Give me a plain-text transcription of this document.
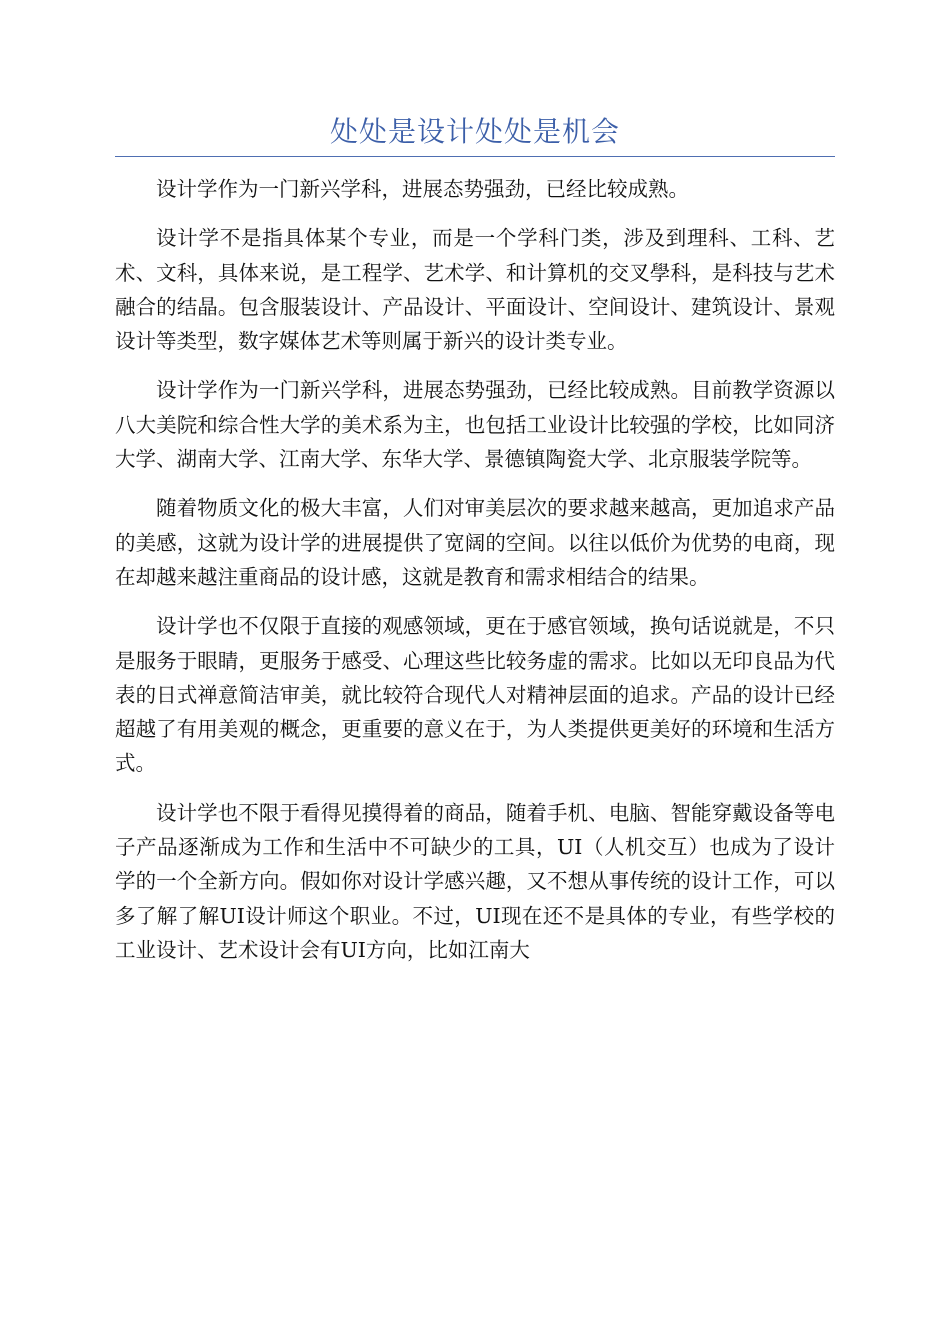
处处是设计处处是机会

设计学作为一门新兴学科，进展态势强劲，已经比较成熟。

设计学不是指具体某个专业，而是一个学科门类，涉及到理科、工科、艺术、文科，具体来说，是工程学、艺术学、和计算机的交叉學科，是科技与艺术融合的结晶。包含服装设计、产品设计、平面设计、空间设计、建筑设计、景观设计等类型，数字媒体艺术等则属于新兴的设计类专业。

设计学作为一门新兴学科，进展态势强劲，已经比较成熟。目前教学资源以八大美院和综合性大学的美术系为主，也包括工业设计比较强的学校，比如同济大学、湖南大学、江南大学、东华大学、景德镇陶瓷大学、北京服装学院等。

随着物质文化的极大丰富，人们对审美层次的要求越来越高，更加追求产品的美感，这就为设计学的进展提供了宽阔的空间。以往以低价为优势的电商，现在却越来越注重商品的设计感，这就是教育和需求相结合的结果。

设计学也不仅限于直接的观感领域，更在于感官领域，换句话说就是，不只是服务于眼睛，更服务于感受、心理这些比较务虚的需求。比如以无印良品为代表的日式禅意简洁审美，就比较符合现代人对精神层面的追求。产品的设计已经超越了有用美观的概念，更重要的意义在于，为人类提供更美好的环境和生活方式。

设计学也不限于看得见摸得着的商品，随着手机、电脑、智能穿戴设备等电子产品逐渐成为工作和生活中不可缺少的工具，UI（人机交互）也成为了设计学的一个全新方向。假如你对设计学感兴趣，又不想从事传统的设计工作，可以多了解了解UI设计师这个职业。不过，UI现在还不是具体的专业，有些学校的工业设计、艺术设计会有UI方向，比如江南大
